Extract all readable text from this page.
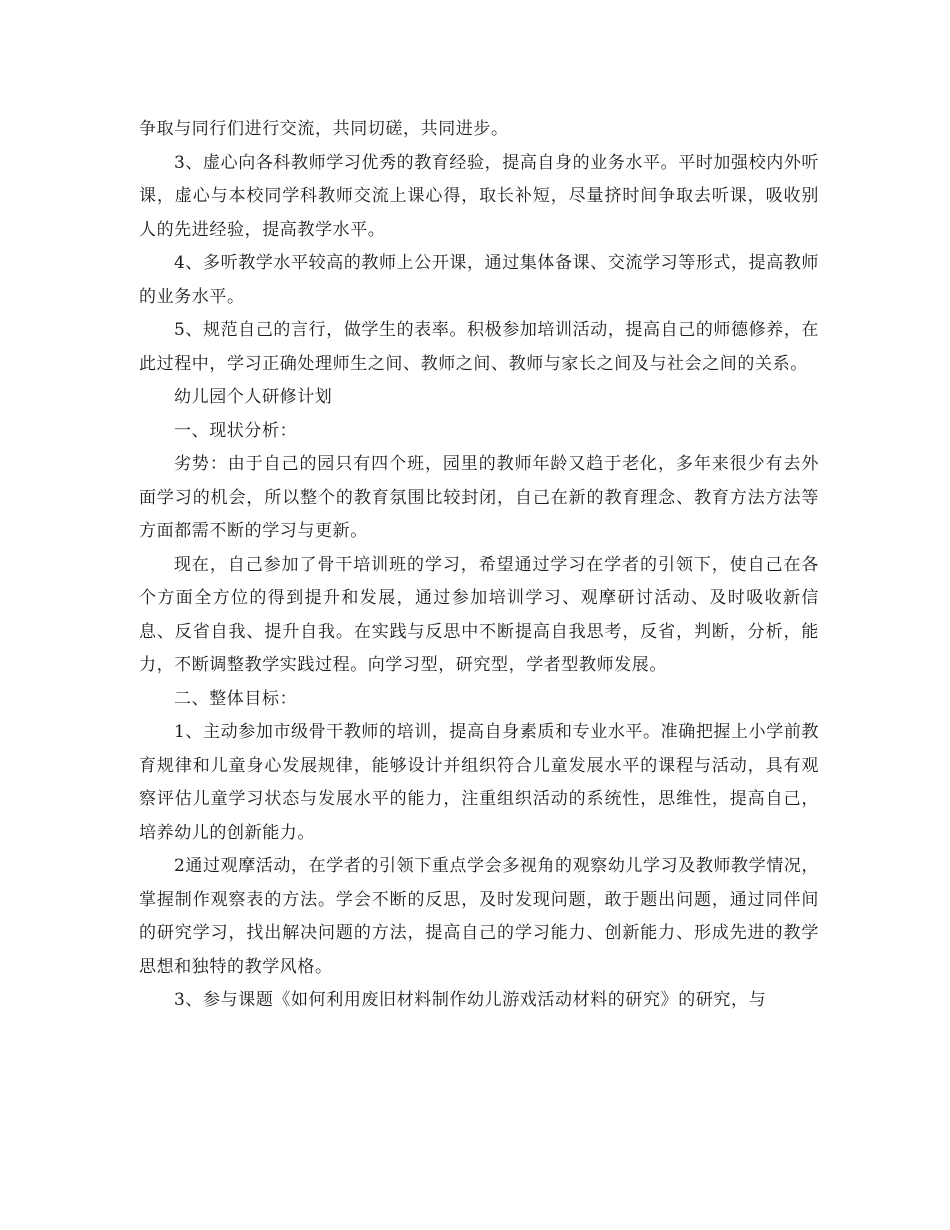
争取与同行们进行交流，共同切磋，共同进步。

3、虚心向各科教师学习优秀的教育经验，提高自身的业务水平。平时加强校内外听课，虚心与本校同学科教师交流上课心得，取长补短，尽量挤时间争取去听课，吸收别人的先进经验，提高教学水平。

4、多听教学水平较高的教师上公开课，通过集体备课、交流学习等形式，提高教师的业务水平。

5、规范自己的言行，做学生的表率。积极参加培训活动，提高自己的师德修养，在此过程中，学习正确处理师生之间、教师之间、教师与家长之间及与社会之间的关系。

幼儿园个人研修计划

一、现状分析：

劣势：由于自己的园只有四个班，园里的教师年龄又趋于老化，多年来很少有去外面学习的机会，所以整个的教育氛围比较封闭，自己在新的教育理念、教育方法方法等方面都需不断的学习与更新。

现在，自己参加了骨干培训班的学习，希望通过学习在学者的引领下，使自己在各个方面全方位的得到提升和发展，通过参加培训学习、观摩研讨活动、及时吸收新信息、反省自我、提升自我。在实践与反思中不断提高自我思考，反省，判断，分析，能力，不断调整教学实践过程。向学习型，研究型，学者型教师发展。

二、整体目标：

1、主动参加市级骨干教师的培训，提高自身素质和专业水平。准确把握上小学前教育规律和儿童身心发展规律，能够设计并组织符合儿童发展水平的课程与活动，具有观察评估儿童学习状态与发展水平的能力，注重组织活动的系统性，思维性，提高自己，培养幼儿的创新能力。

2通过观摩活动，在学者的引领下重点学会多视角的观察幼儿学习及教师教学情况，掌握制作观察表的方法。学会不断的反思，及时发现问题，敢于题出问题，通过同伴间的研究学习，找出解决问题的方法，提高自己的学习能力、创新能力、形成先进的教学思想和独特的教学风格。

3、参与课题《如何利用废旧材料制作幼儿游戏活动材料的研究》的研究，与
